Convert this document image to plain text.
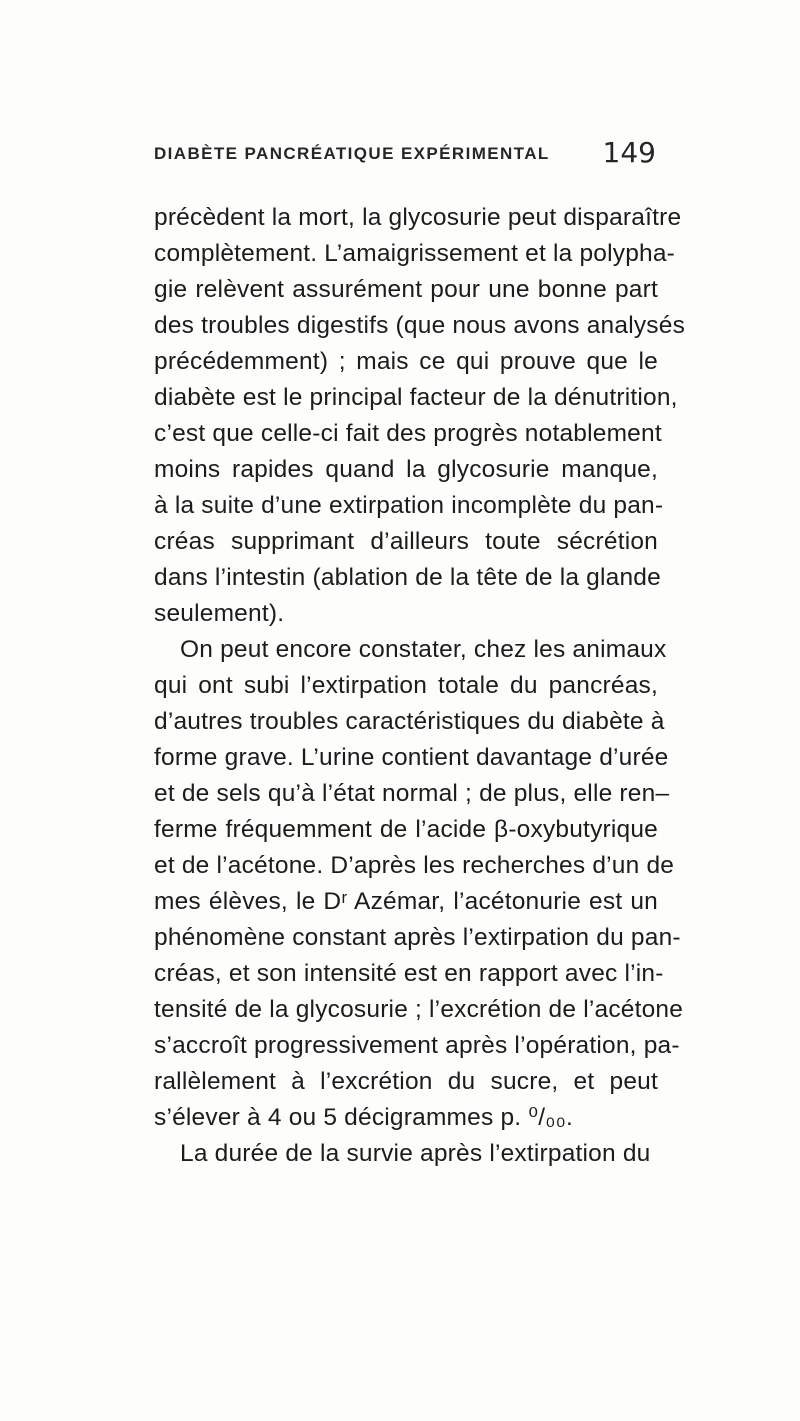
DIABÈTE PANCRÉATIQUE EXPÉRIMENTAL 149
précèdent la mort, la glycosurie peut disparaître
complètement. L’amaigrissement et la polypha-
gie relèvent assurément pour une bonne part
des troubles digestifs (que nous avons analysés
précédemment) ; mais ce qui prouve que le
diabète est le principal facteur de la dénutrition,
c’est que celle-ci fait des progrès notablement
moins rapides quand la glycosurie manque,
à la suite d’une extirpation incomplète du pan-
créas supprimant d’ailleurs toute sécrétion
dans l’intestin (ablation de la tête de la glande
seulement).
On peut encore constater, chez les animaux
qui ont subi l’extirpation totale du pancréas,
d’autres troubles caractéristiques du diabète à
forme grave. L’urine contient davantage d’urée
et de sels qu’à l’état normal ; de plus, elle ren–
ferme fréquemment de l’acide β-oxybutyrique
et de l’acétone. D’après les recherches d’un de
mes élèves, le Dʳ Azémar, l’acétonurie est un
phénomène constant après l’extirpation du pan-
créas, et son intensité est en rapport avec l’in-
tensité de la glycosurie ; l’excrétion de l’acétone
s’accroît progressivement après l’opération, pa-
rallèlement à l’excrétion du sucre, et peut
s’élever à 4 ou 5 décigrammes p. ⁰/₀₀.
La durée de la survie après l’extirpation du
